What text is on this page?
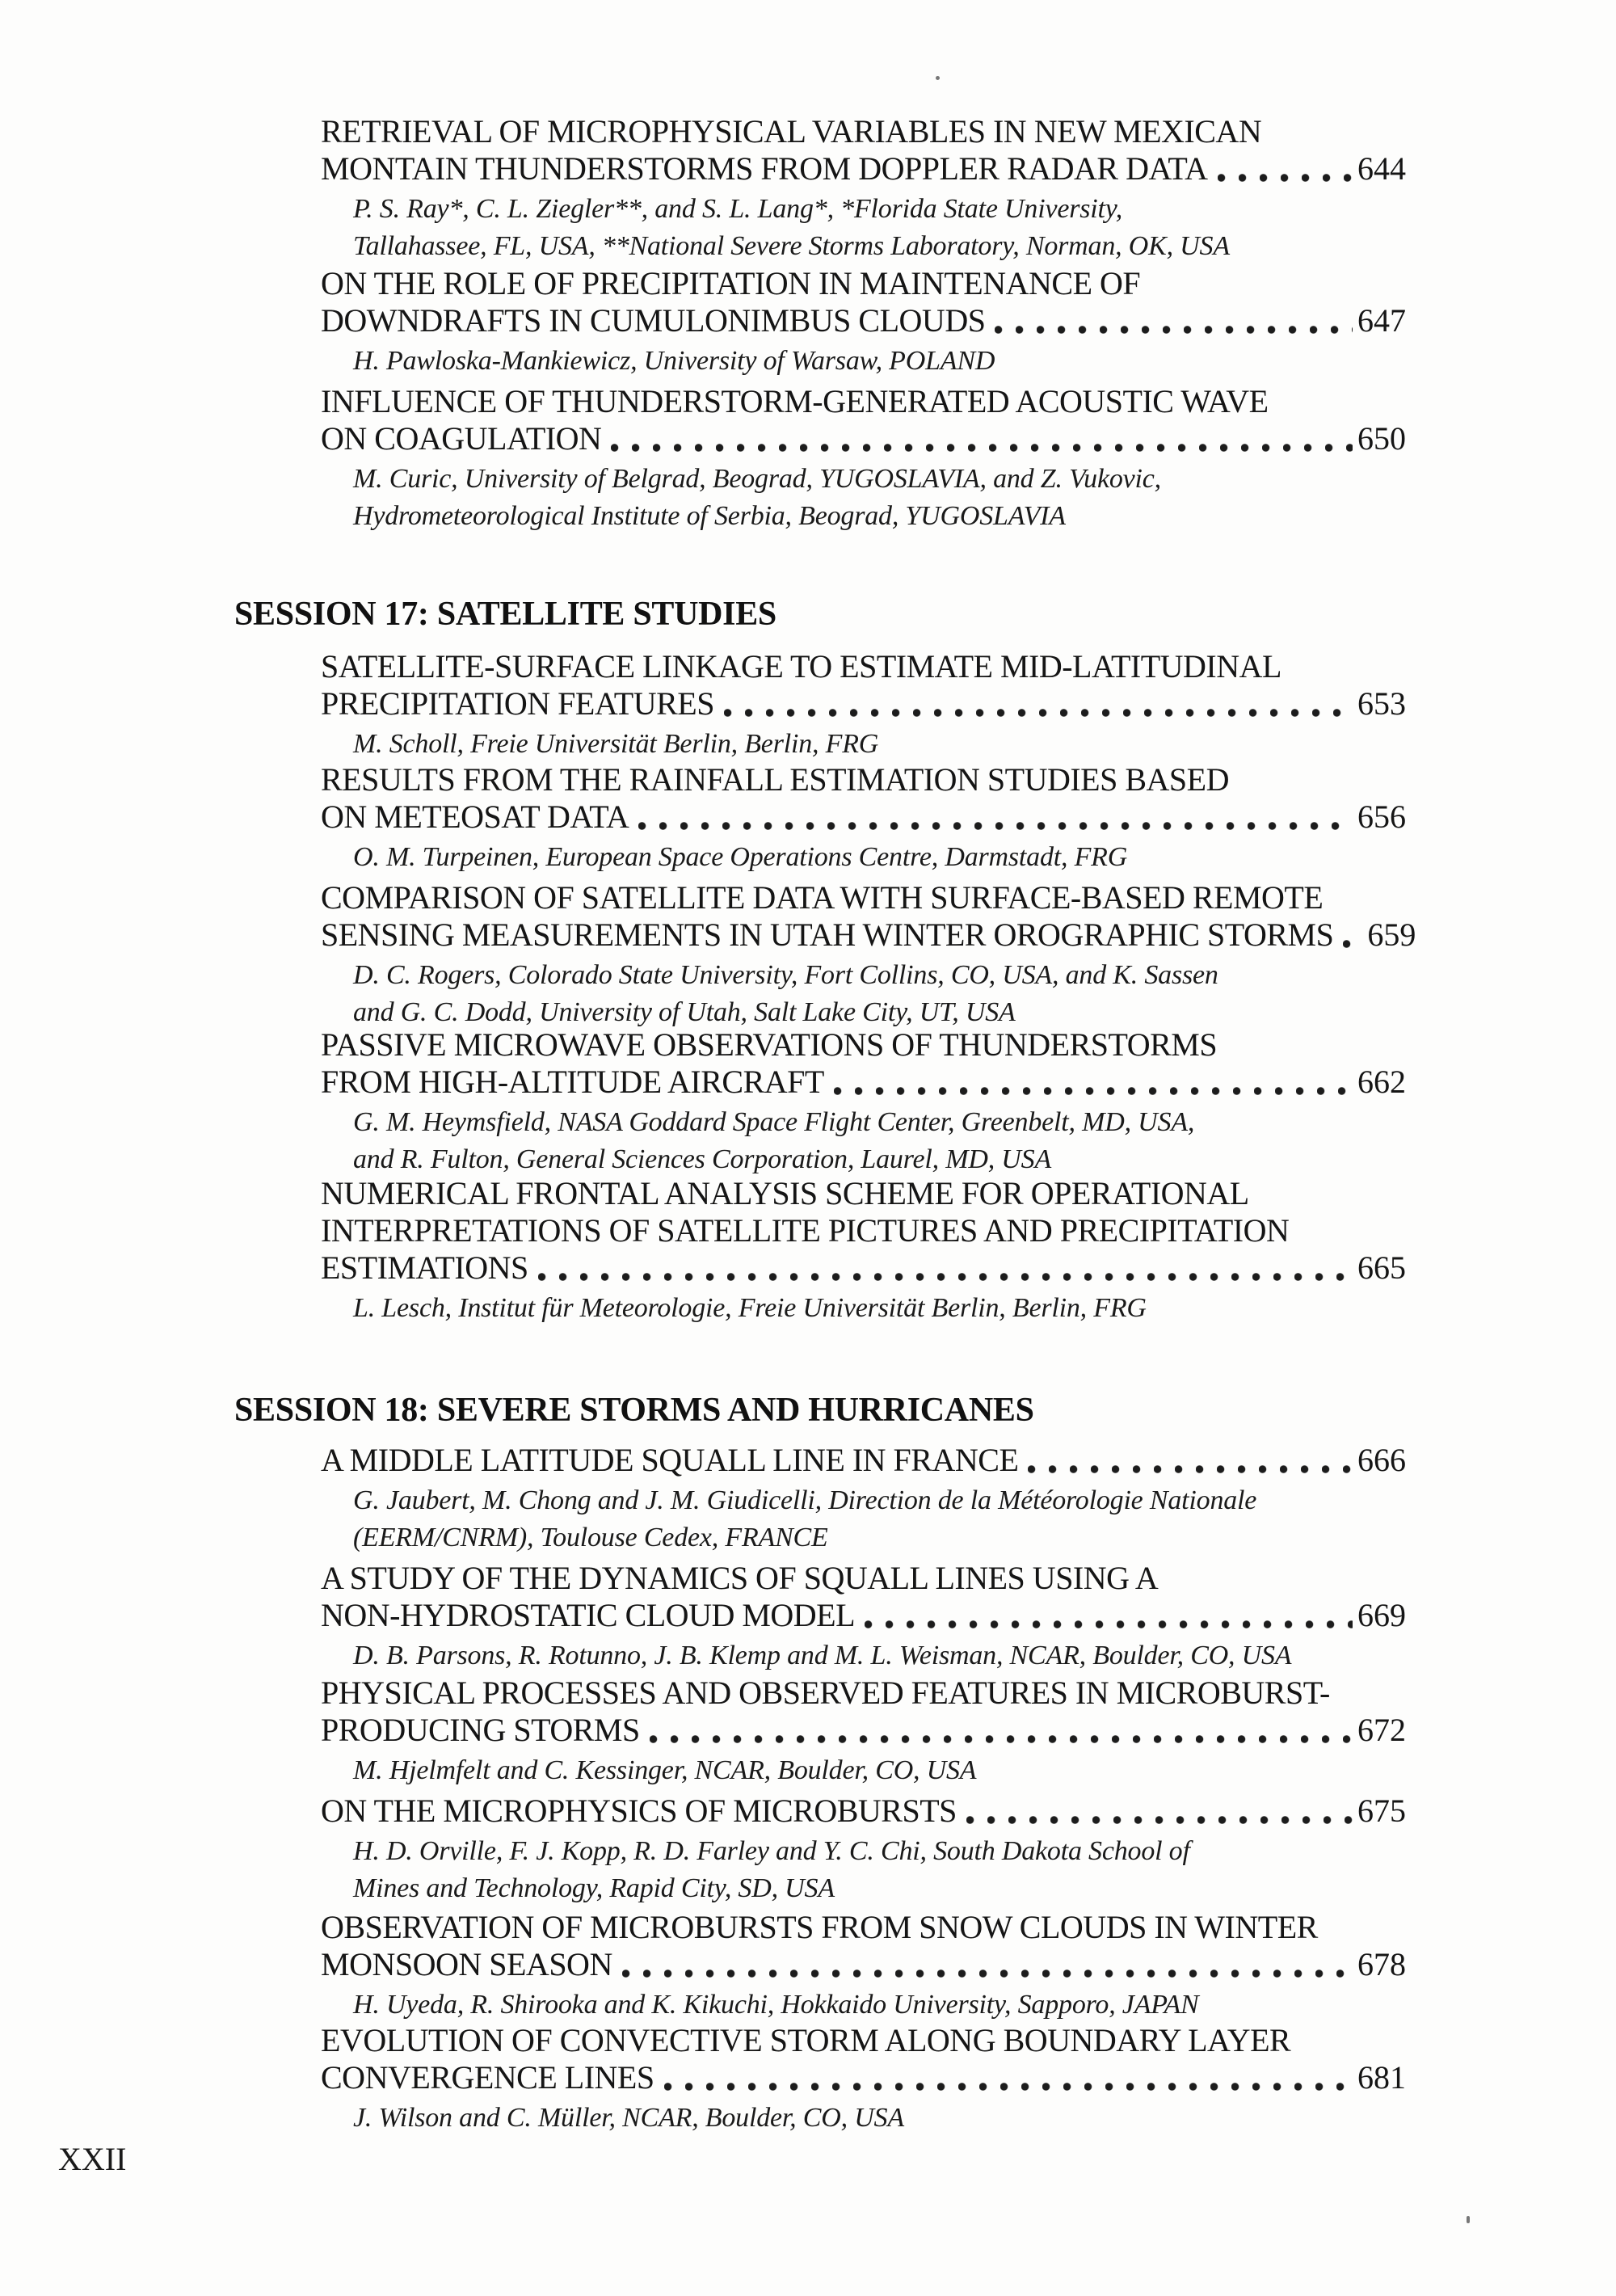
XXII
RETRIEVAL OF MICROPHYSICAL VARIABLES IN NEW MEXICAN
MONTAIN THUNDERSTORMS FROM DOPPLER RADAR DATA	644
P. S. Ray*, C. L. Ziegler**, and S. L. Lang*, *Florida State University,
Tallahassee, FL, USA, **National Severe Storms Laboratory, Norman, OK, USA
ON THE ROLE OF PRECIPITATION IN MAINTENANCE OF
DOWNDRAFTS IN CUMULONIMBUS CLOUDS	647
H. Pawloska-Mankiewicz, University of Warsaw, POLAND
INFLUENCE OF THUNDERSTORM-GENERATED ACOUSTIC WAVE
ON COAGULATION	650
M. Curic, University of Belgrad, Beograd, YUGOSLAVIA, and Z. Vukovic,
Hydrometeorological Institute of Serbia, Beograd, YUGOSLAVIA
SESSION 17: SATELLITE STUDIES
SATELLITE-SURFACE LINKAGE TO ESTIMATE MID-LATITUDINAL
PRECIPITATION FEATURES	653
M. Scholl, Freie Universität Berlin, Berlin, FRG
RESULTS FROM THE RAINFALL ESTIMATION STUDIES BASED
ON METEOSAT DATA	656
O. M. Turpeinen, European Space Operations Centre, Darmstadt, FRG
COMPARISON OF SATELLITE DATA WITH SURFACE-BASED REMOTE
SENSING MEASUREMENTS IN UTAH WINTER OROGRAPHIC STORMS 659
D. C. Rogers, Colorado State University, Fort Collins, CO, USA, and K. Sassen
and G. C. Dodd, University of Utah, Salt Lake City, UT, USA
PASSIVE MICROWAVE OBSERVATIONS OF THUNDERSTORMS
FROM HIGH-ALTITUDE AIRCRAFT	662
G. M. Heymsfield, NASA Goddard Space Flight Center, Greenbelt, MD, USA,
and R. Fulton, General Sciences Corporation, Laurel, MD, USA
NUMERICAL FRONTAL ANALYSIS SCHEME FOR OPERATIONAL
INTERPRETATIONS OF SATELLITE PICTURES AND PRECIPITATION
ESTIMATIONS	665
L. Lesch, Institut für Meteorologie, Freie Universität Berlin, Berlin, FRG
SESSION 18: SEVERE STORMS AND HURRICANES
A MIDDLE LATITUDE SQUALL LINE IN FRANCE	666
G. Jaubert, M. Chong and J. M. Giudicelli, Direction de la Météorologie Nationale
(EERM/CNRM), Toulouse Cedex, FRANCE
A STUDY OF THE DYNAMICS OF SQUALL LINES USING A
NON-HYDROSTATIC CLOUD MODEL	669
D. B. Parsons, R. Rotunno, J. B. Klemp and M. L. Weisman, NCAR, Boulder, CO, USA
PHYSICAL PROCESSES AND OBSERVED FEATURES IN MICROBURST-
PRODUCING STORMS	672
M. Hjelmfelt and C. Kessinger, NCAR, Boulder, CO, USA
ON THE MICROPHYSICS OF MICROBURSTS	675
H. D. Orville, F. J. Kopp, R. D. Farley and Y. C. Chi, South Dakota School of
Mines and Technology, Rapid City, SD, USA
OBSERVATION OF MICROBURSTS FROM SNOW CLOUDS IN WINTER
MONSOON SEASON	678
H. Uyeda, R. Shirooka and K. Kikuchi, Hokkaido University, Sapporo, JAPAN
EVOLUTION OF CONVECTIVE STORM ALONG BOUNDARY LAYER
CONVERGENCE LINES	681
J. Wilson and C. Müller, NCAR, Boulder, CO, USA
